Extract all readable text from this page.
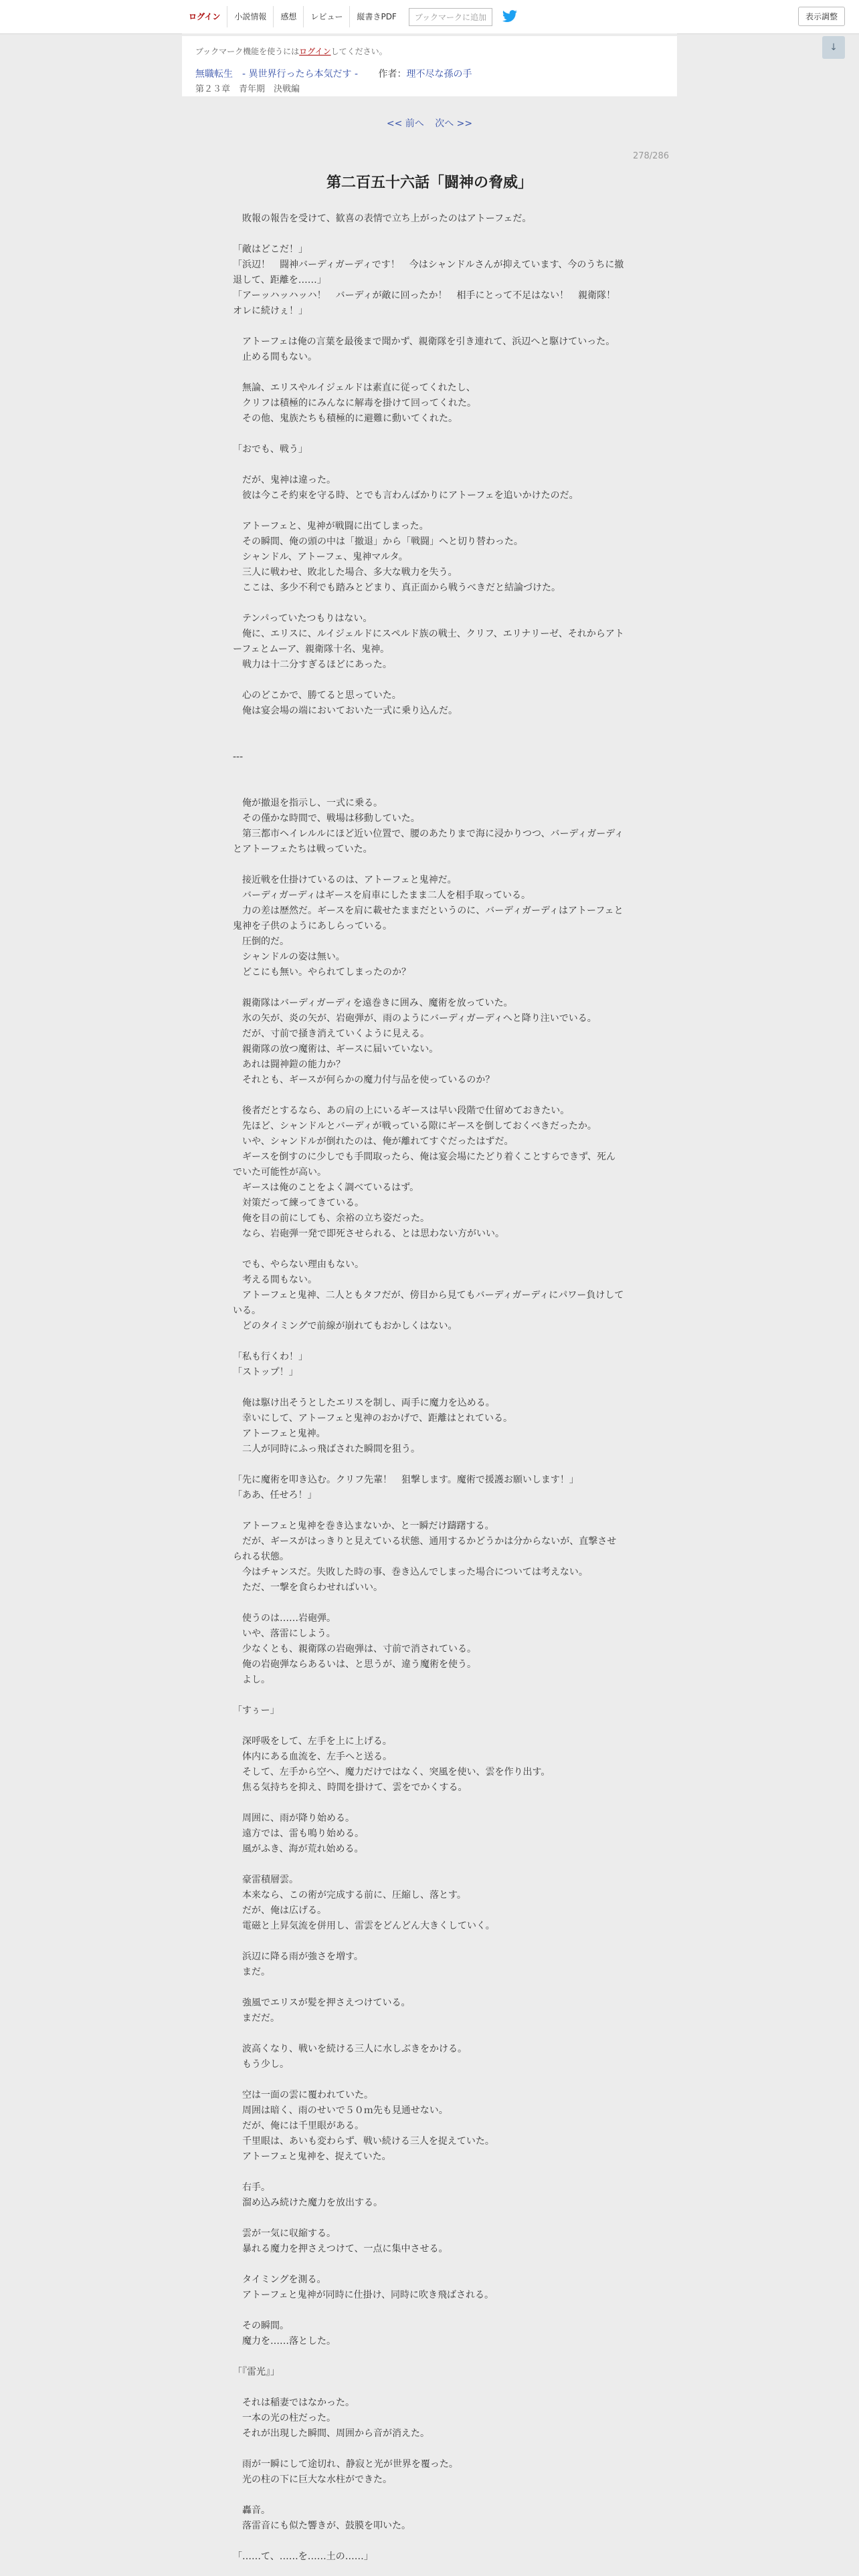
ログイン	小説情報	感想	レビュー	縦書きPDF	ブックマークに追加	表示調整
↓
ブックマーク機能を使うにはログインしてください。
無職転生　- 異世界行ったら本気だす - 作者：理不尽な孫の手
第２３章　青年期　決戦編
<< 前へ 次へ >>
278/286
第二百五十六話「闘神の脅威」

　敗報の報告を受けて、歓喜の表情で立ち上がったのはアトーフェだ。

「敵はどこだ！」

「浜辺！　闘神バーディガーディです！　今はシャンドルさんが抑えています、今のうちに撤退して、距離を……」

「アーッハッハッハ！　バーディが敵に回ったか！　相手にとって不足はない！　親衛隊！　オレに続けぇ！」

　アトーフェは俺の言葉を最後まで聞かず、親衛隊を引き連れて、浜辺へと駆けていった。

　止める間もない。

　無論、エリスやルイジェルドは素直に従ってくれたし、

　クリフは積極的にみんなに解毒を掛けて回ってくれた。

　その他、鬼族たちも積極的に避難に動いてくれた。

「おでも、戦う」

　だが、鬼神は違った。

　彼は今こそ約束を守る時、とでも言わんばかりにアトーフェを追いかけたのだ。

　アトーフェと、鬼神が戦闘に出てしまった。

　その瞬間、俺の頭の中は「撤退」から「戦闘」へと切り替わった。

　シャンドル、アトーフェ、鬼神マルタ。

　三人に戦わせ、敗北した場合、多大な戦力を失う。

　ここは、多少不利でも踏みとどまり、真正面から戦うべきだと結論づけた。

　テンパっていたつもりはない。

　俺に、エリスに、ルイジェルドにスペルド族の戦士、クリフ、エリナリーゼ、それからアトーフェとムーア、親衛隊十名、鬼神。

　戦力は十二分すぎるほどにあった。

　心のどこかで、勝てると思っていた。

　俺は宴会場の端においておいた一式に乗り込んだ。

---

　俺が撤退を指示し、一式に乗る。

　その僅かな時間で、戦場は移動していた。

　第三都市ヘイレルルにほど近い位置で、腰のあたりまで海に浸かりつつ、バーディガーディとアトーフェたちは戦っていた。

　接近戦を仕掛けているのは、アトーフェと鬼神だ。

　バーディガーディはギースを肩車にしたまま二人を相手取っている。

　力の差は歴然だ。ギースを肩に載せたままだというのに、バーディガーディはアトーフェと鬼神を子供のようにあしらっている。

　圧倒的だ。

　シャンドルの姿は無い。

　どこにも無い。やられてしまったのか？

　親衛隊はバーディガーディを遠巻きに囲み、魔術を放っていた。

　氷の矢が、炎の矢が、岩砲弾が、雨のようにバーディガーディへと降り注いでいる。

　だが、寸前で掻き消えていくように見える。

　親衛隊の放つ魔術は、ギースに届いていない。

　あれは闘神鎧の能力か？

　それとも、ギースが何らかの魔力付与品を使っているのか？

　後者だとするなら、あの肩の上にいるギースは早い段階で仕留めておきたい。

　先ほど、シャンドルとバーディが戦っている隙にギースを倒しておくべきだったか。

　いや、シャンドルが倒れたのは、俺が離れてすぐだったはずだ。

　ギースを倒すのに少しでも手間取ったら、俺は宴会場にたどり着くことすらできず、死んでいた可能性が高い。

　ギースは俺のことをよく調べているはず。

　対策だって練ってきている。

　俺を目の前にしても、余裕の立ち姿だった。

　なら、岩砲弾一発で即死させられる、とは思わない方がいい。

　でも、やらない理由もない。

　考える間もない。

　アトーフェと鬼神、二人ともタフだが、傍目から見てもバーディガーディにパワー負けしている。

　どのタイミングで前線が崩れてもおかしくはない。

「私も行くわ！」

「ストップ！」

　俺は駆け出そうとしたエリスを制し、両手に魔力を込める。

　幸いにして、アトーフェと鬼神のおかげで、距離はとれている。

　アトーフェと鬼神。

　二人が同時にふっ飛ばされた瞬間を狙う。

「先に魔術を叩き込む。クリフ先輩！　狙撃します。魔術で援護お願いします！」

「ああ、任せろ！」

　アトーフェと鬼神を巻き込まないか、と一瞬だけ躊躇する。

　だが、ギースがはっきりと見えている状態、通用するかどうかは分からないが、直撃させられる状態。

　今はチャンスだ。失敗した時の事、巻き込んでしまった場合については考えない。

　ただ、一撃を食らわせればいい。

　使うのは……岩砲弾。

　いや、落雷にしよう。

　少なくとも、親衛隊の岩砲弾は、寸前で消されている。

　俺の岩砲弾ならあるいは、と思うが、違う魔術を使う。

　よし。

「すぅー」

　深呼吸をして、左手を上に上げる。

　体内にある血流を、左手へと送る。

　そして、左手から空へ、魔力だけではなく、突風を使い、雲を作り出す。

　焦る気持ちを抑え、時間を掛けて、雲をでかくする。

　周囲に、雨が降り始める。

　遠方では、雷も鳴り始める。

　風がふき、海が荒れ始める。

　豪雷積層雲。

　本来なら、この術が完成する前に、圧縮し、落とす。

　だが、俺は広げる。

　電磁と上昇気流を併用し、雷雲をどんどん大きくしていく。

　浜辺に降る雨が強さを増す。

　まだ。

　強風でエリスが髪を押さえつけている。

　まだだ。

　波高くなり、戦いを続ける三人に水しぶきをかける。

　もう少し。

　空は一面の雲に覆われていた。

　周囲は暗く、雨のせいで５０ｍ先も見通せない。

　だが、俺には千里眼がある。

　千里眼は、あいも変わらず、戦い続ける三人を捉えていた。

　アトーフェと鬼神を、捉えていた。

　右手。

　溜め込み続けた魔力を放出する。

　雲が一気に収縮する。

　暴れる魔力を押さえつけて、一点に集中させる。

　タイミングを測る。

　アトーフェと鬼神が同時に仕掛け、同時に吹き飛ばされる。

　その瞬間。

　魔力を……落とした。

「『雷光』」

　それは稲妻ではなかった。

　一本の光の柱だった。

　それが出現した瞬間、周囲から音が消えた。

　雨が一瞬にして途切れ、静寂と光が世界を覆った。

　光の柱の下に巨大な水柱ができた。

　轟音。

　落雷音にも似た響きが、鼓膜を叩いた。

「……て、……を……土の……」
